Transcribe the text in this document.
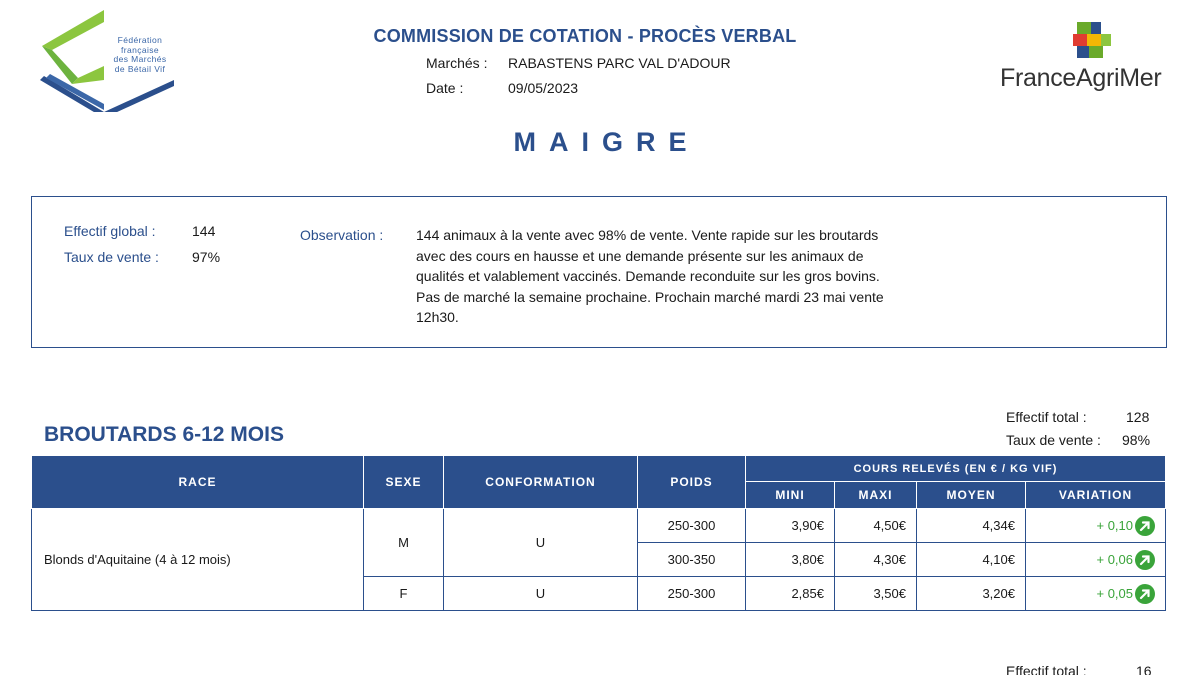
Fédération
française
des Marchés
de Bétail Vif
COMMISSION DE COTATION - PROCÈS VERBAL
Marchés : RABASTENS PARC VAL D'ADOUR
Date :	09/05/2023	FranceAgriMer
MAIGRE
Effectif global :	144
Taux de vente : 97%
Observation : 144 animaux à la vente avec 98% de vente. Vente rapide sur les broutards avec des cours en hausse et une demande présente sur les animaux de qualités et valablement vaccinés. Demande reconduite sur les gros bovins. Pas de marché la semaine prochaine. Prochain marché mardi 23 mai vente 12h30.
BROUTARDS 6-12 MOIS
Effectif total :	128
Taux de vente : 98%
RACE	SEXE	CONFORMATION	POIDS	COURS RELEVÉS (EN € / KG VIF)			
				MINI	MAXI	MOYEN	VARIATION
Blonds d'Aquitaine (4 à 12 mois)	M	U	250-300	3,90€	4,50€	4,34€	+ 0,10

			300-350	3,80€	4,30€	4,10€	+ 0,06

	F	U	250-300	2,85€	3,50€	3,20€	+ 0,05
Effectif total :	16
